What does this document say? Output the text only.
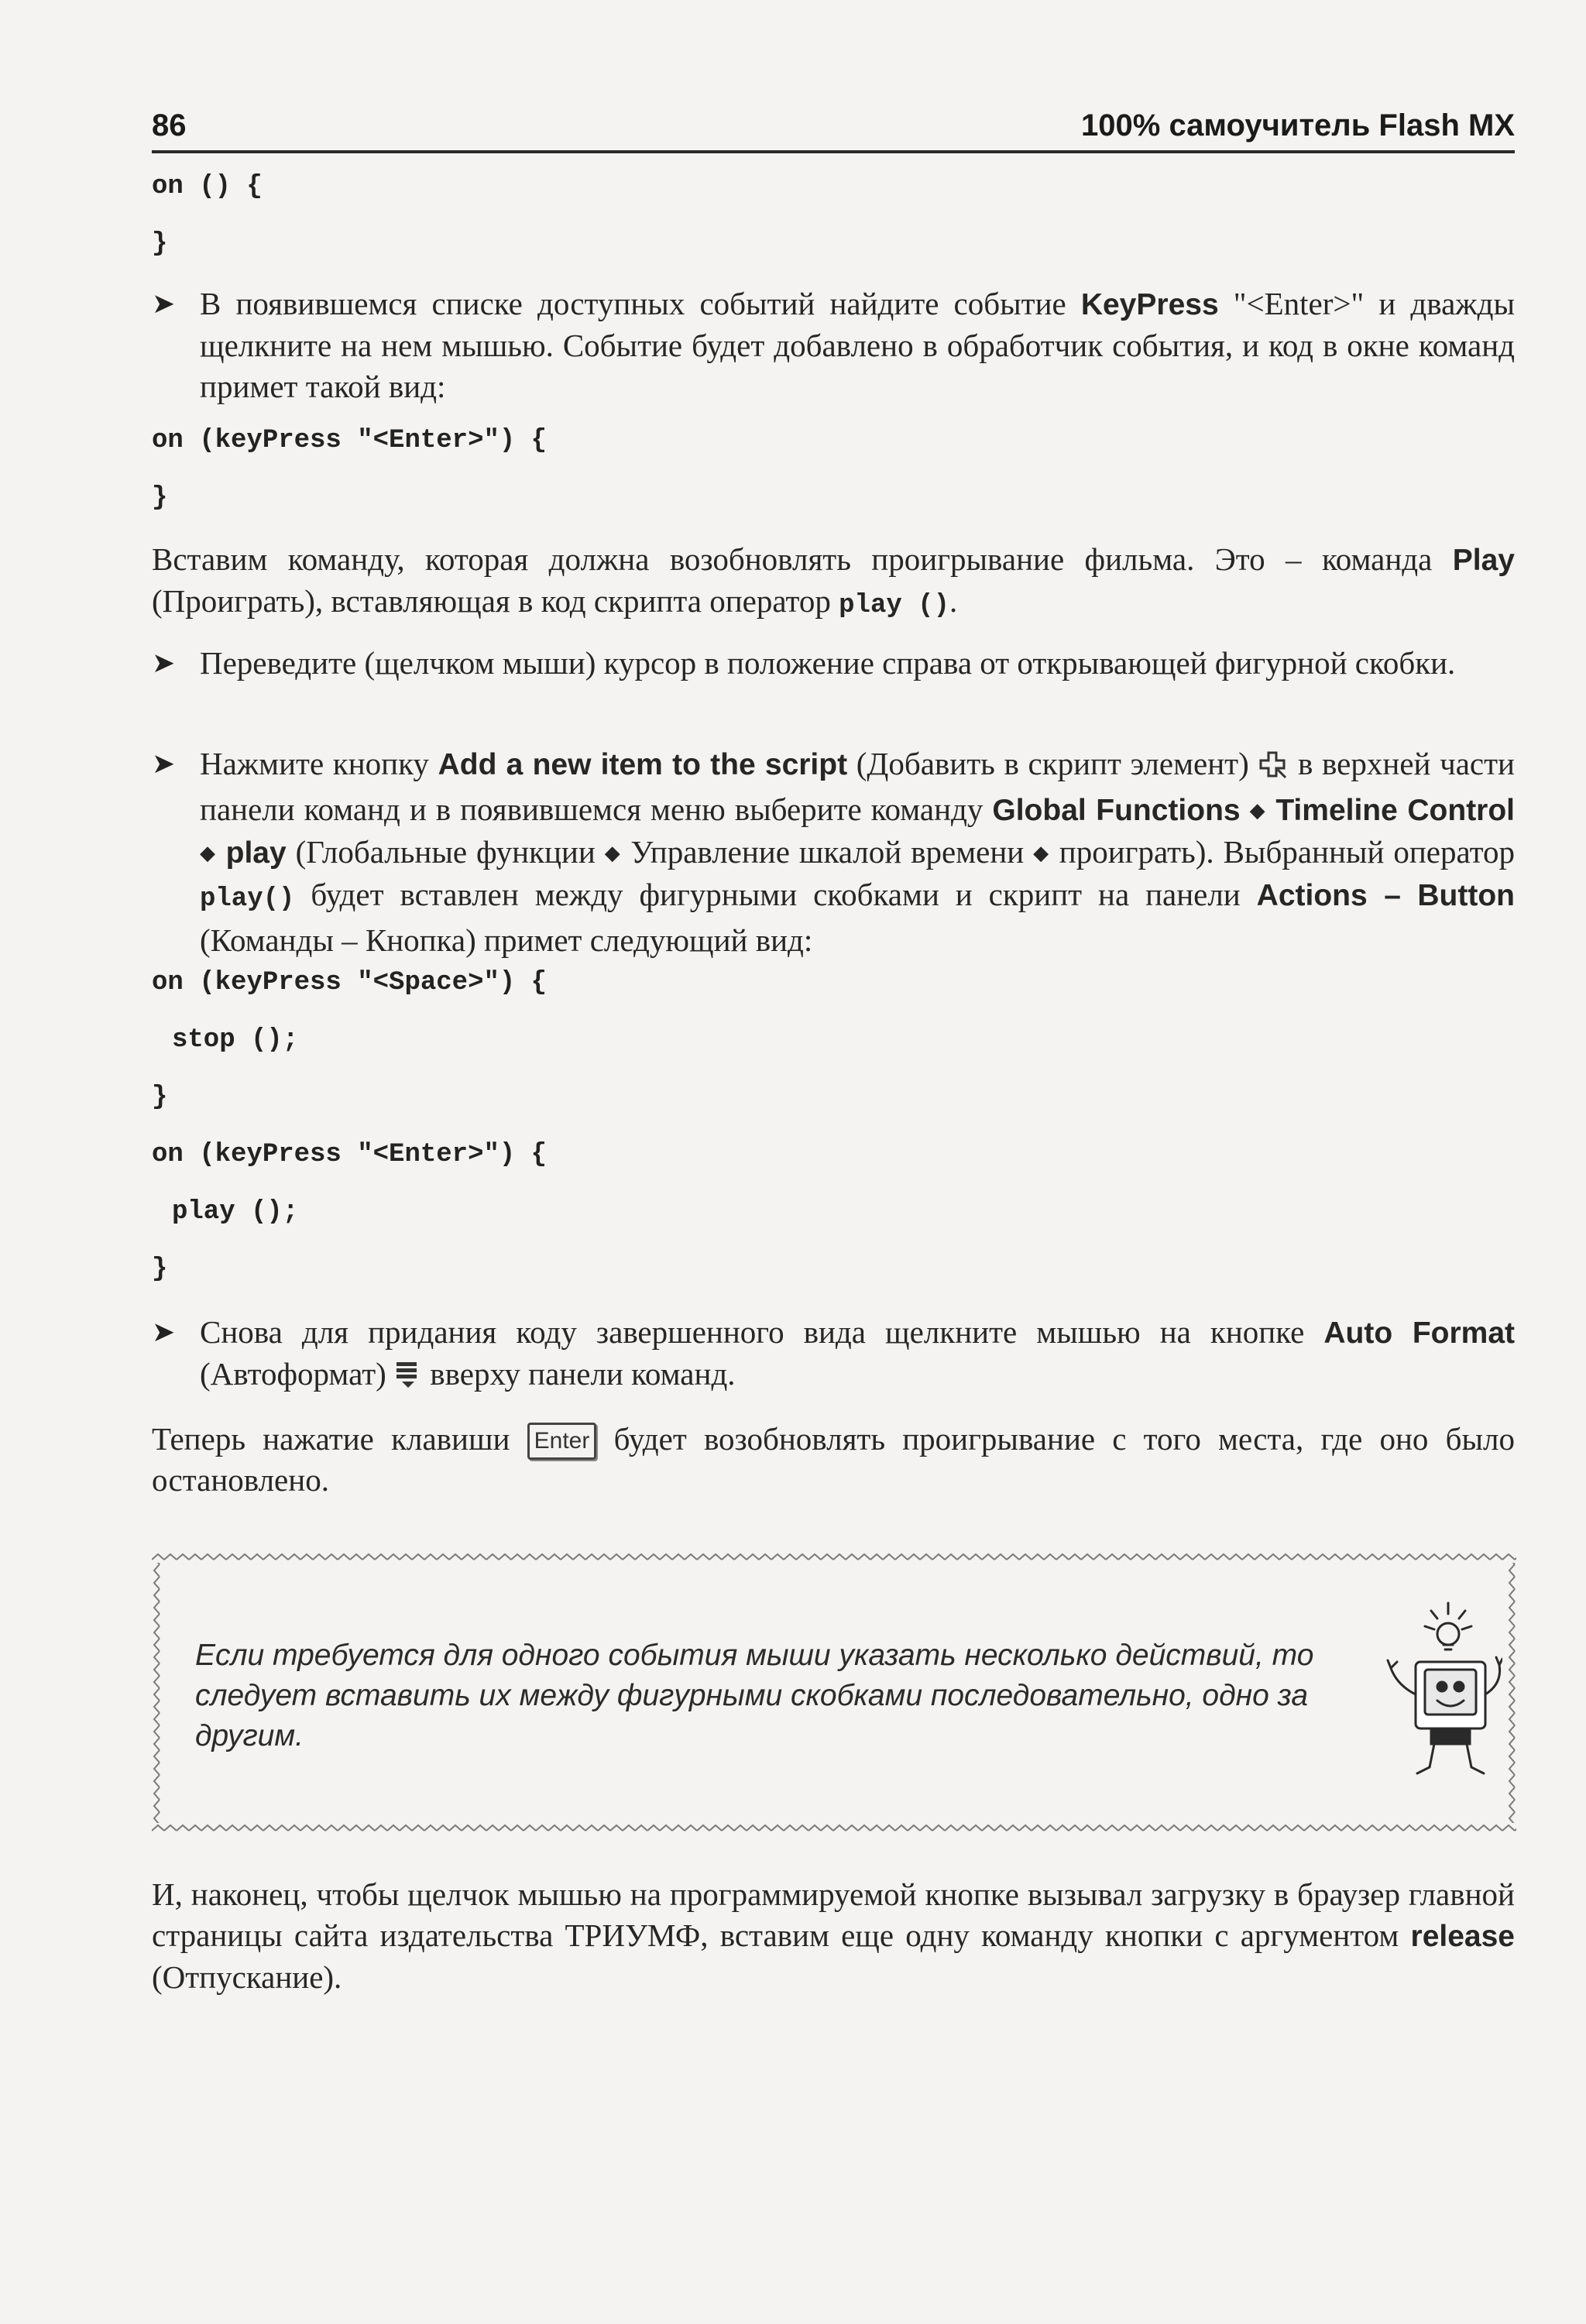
86	100% самоучитель Flash MX
on () {
}
➤ В появившемся списке доступных событий найдите событие KeyPress "<Enter>" и дважды щелкните на нем мышью. Событие будет добавлено в обработчик события, и код в окне команд примет такой вид:
on (keyPress "<Enter>") {
}
Вставим команду, которая должна возобновлять проигрывание фильма. Это – команда Play (Проиграть), вставляющая в код скрипта оператор play ().
➤ Переведите (щелчком мыши) курсор в положение справа от открывающей фигурной скобки.
➤ Нажмите кнопку Add a new item to the script (Добавить в скрипт элемент)  в верхней части панели команд и в появившемся меню выберите команду Global Functions ◆ Timeline Control ◆ play (Глобальные функции ◆ Управление шкалой времени ◆ проиграть). Выбранный оператор play() будет вставлен между фигурными скобками и скрипт на панели Actions – Button (Команды – Кнопка) примет следующий вид:
on (keyPress "<Space>") {
stop ();
}
on (keyPress "<Enter>") {
play ();
}
➤ Снова для придания коду завершенного вида щелкните мышью на кнопке Auto Format (Автоформат)  вверху панели команд.
Теперь нажатие клавиши Enter будет возобновлять проигрывание с того места, где оно было остановлено.
Если требуется для одного события мыши указать несколько действий, то следует вставить их между фигурными скобками последовательно, одно за другим.
И, наконец, чтобы щелчок мышью на программируемой кнопке вызывал загрузку в браузер главной страницы сайта издательства ТРИУМФ, вставим еще одну команду кнопки с аргументом release (Отпускание).
